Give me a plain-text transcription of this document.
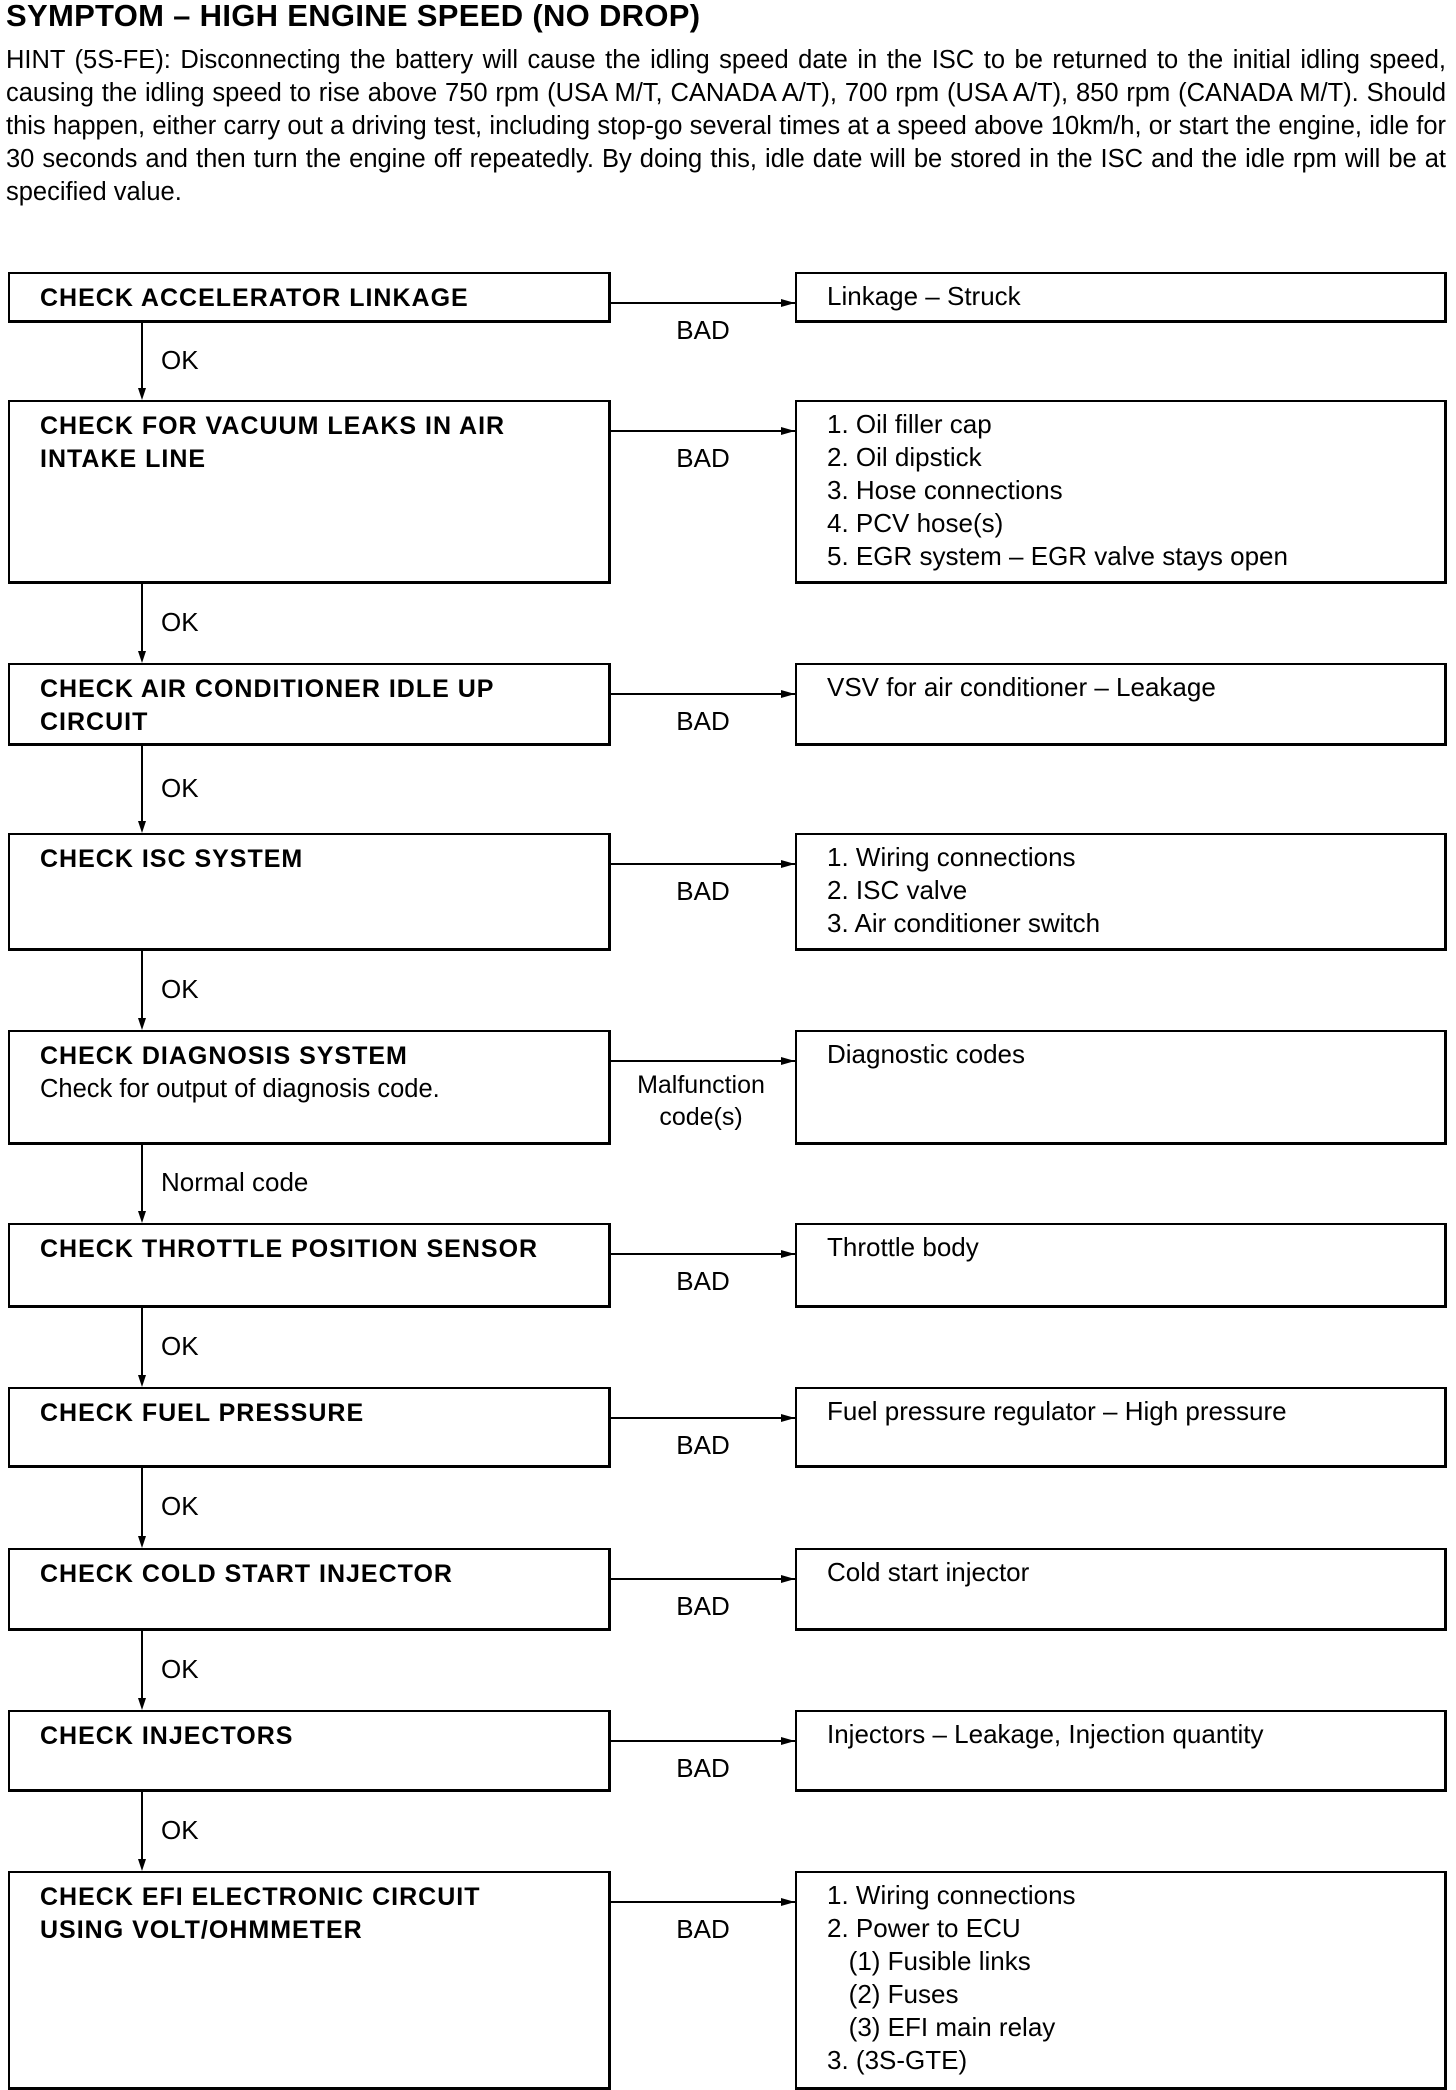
SYMPTOM – HIGH ENGINE SPEED (NO DROP)
HINT (5S-FE): Disconnecting the battery will cause the idling speed date in the ISC to be returned to the initial idling speed, causing the idling speed to rise above 750 rpm (USA M/T, CANADA A/T), 700 rpm (USA A/T), 850 rpm (CANADA M/T). Should this happen, either carry out a driving test, including stop-go several times at a speed above 10km/h, or start the engine, idle for 30 seconds and then turn the engine off repeatedly. By doing this, idle date will be stored in the ISC and the idle rpm will be at specified value.
CHECK ACCELERATOR LINKAGE	Linkage – Struck
BAD
OK
CHECK FOR VACUUM LEAKS IN AIR
INTAKE LINE
1. Oil filler cap
2. Oil dipstick
3. Hose connections
4. PCV hose(s)
5. EGR system – EGR valve stays open
BAD
OK
CHECK AIR CONDITIONER IDLE UP
CIRCUIT
VSV for air conditioner – Leakage
BAD
OK
CHECK ISC SYSTEM	1. Wiring connections
2. ISC valve
3. Air conditioner switch
BAD
OK
CHECK DIAGNOSIS SYSTEM
Check for output of diagnosis code.
Diagnostic codes
Malfunction code(s)
Normal code
CHECK THROTTLE POSITION SENSOR	Throttle body
BAD
OK
CHECK FUEL PRESSURE	Fuel pressure regulator – High pressure
BAD
OK
CHECK COLD START INJECTOR	Cold start injector
BAD
OK
CHECK INJECTORS	Injectors – Leakage, Injection quantity
BAD
OK
CHECK EFI ELECTRONIC CIRCUIT
USING VOLT/OHMMETER
1. Wiring connections
2. Power to ECU
(1) Fusible links
(2) Fuses
(3) EFI main relay
3. (3S-GTE)
BAD
